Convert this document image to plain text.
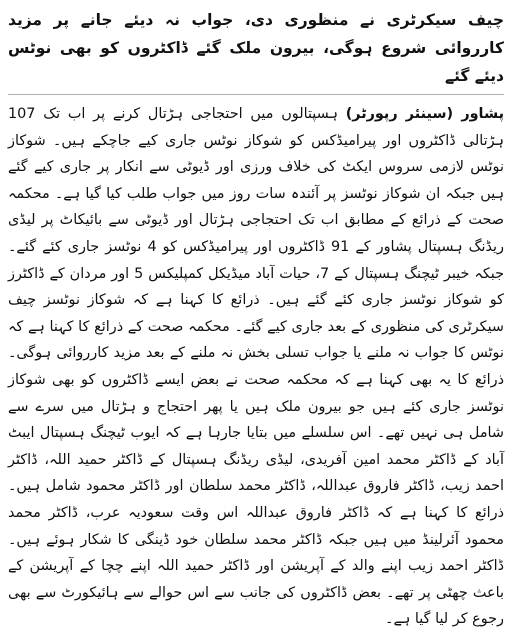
چیف سیکرٹری نے منظوری دی، جواب نہ دیئے جانے پر مزید کارروائی شروع ہوگی، بیرون ملک گئے ڈاکٹروں کو بھی نوٹس دیئے گئے

پشاور (سینئر رپورٹر) ہسپتالوں میں احتجاجی ہڑتال کرنے پر اب تک 107 ہڑتالی ڈاکٹروں اور پیرامیڈکس کو شوکاز نوٹس جاری کیے جاچکے ہیں۔ شوکاز نوٹس لازمی سروس ایکٹ کی خلاف ورزی اور ڈیوٹی سے انکار پر جاری کیے گئے ہیں جبکہ ان شوکاز نوٹسز پر آئندہ سات روز میں جواب طلب کیا گیا ہے۔ محکمہ صحت کے ذرائع کے مطابق اب تک احتجاجی ہڑتال اور ڈیوٹی سے بائیکاٹ پر لیڈی ریڈنگ ہسپتال پشاور کے 91 ڈاکٹروں اور پیرامیڈکس کو 4 نوٹسز جاری کئے گئے۔ جبکہ خیبر ٹیچنگ ہسپتال کے 7، حیات آباد میڈیکل کمپلیکس 5 اور مردان کے ڈاکٹرز کو شوکاز نوٹسز جاری کئے گئے ہیں۔ ذرائع کا کہنا ہے کہ شوکاز نوٹسز چیف سیکرٹری کی منظوری کے بعد جاری کیے گئے۔ محکمہ صحت کے ذرائع کا کہنا ہے کہ نوٹس کا جواب نہ ملنے یا جواب تسلی بخش نہ ملنے کے بعد مزید کارروائی ہوگی۔ ذرائع کا یہ بھی کہنا ہے کہ محکمہ صحت نے بعض ایسے ڈاکٹروں کو بھی شوکاز نوٹسز جاری کئے ہیں جو بیرون ملک ہیں یا پھر احتجاج و ہڑتال میں سرے سے شامل ہی نہیں تھے۔ اس سلسلے میں بتایا جارہا ہے کہ ایوب ٹیچنگ ہسپتال ایبٹ آباد کے ڈاکٹر محمد امین آفریدی، لیڈی ریڈنگ ہسپتال کے ڈاکٹر حمید اللہ، ڈاکٹر احمد زیب، ڈاکٹر فاروق عبداللہ، ڈاکٹر محمد سلطان اور ڈاکٹر محمود شامل ہیں۔ ذرائع کا کہنا ہے کہ ڈاکٹر فاروق عبداللہ اس وقت سعودیہ عرب، ڈاکٹر محمد محمود آئرلینڈ میں ہیں جبکہ ڈاکٹر محمد سلطان خود ڈینگی کا شکار ہوئے ہیں۔ ڈاکٹر احمد زیب اپنے والد کے آپریشن اور ڈاکٹر حمید اللہ اپنے چچا کے آپریشن کے باعث چھٹی پر تھے۔ بعض ڈاکٹروں کی جانب سے اس حوالے سے ہائیکورٹ سے بھی رجوع کر لیا گیا ہے۔
